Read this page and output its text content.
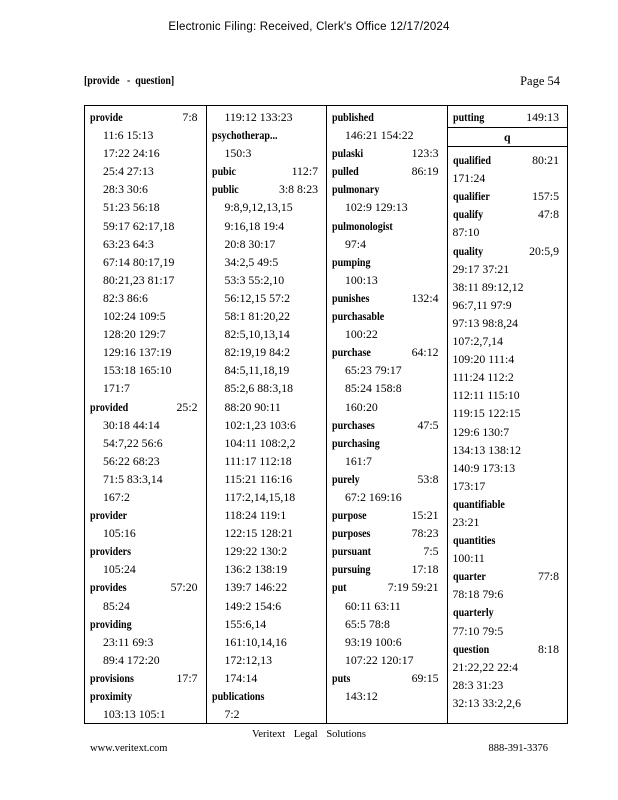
Electronic Filing: Received, Clerk's Office 12/17/2024
[provide   -  question]	Page 54
provide	7:8
11:6 15:13
17:22 24:16
25:4 27:13
28:3 30:6
51:23 56:18
59:17 62:17,18
63:23 64:3
67:14 80:17,19
80:21,23 81:17
82:3 86:6
102:24 109:5
128:20 129:7
129:16 137:19
153:18 165:10
171:7
provided	25:2
30:18 44:14
54:7,22 56:6
56:22 68:23
71:5 83:3,14
167:2
provider
105:16
providers
105:24
provides	57:20
85:24
providing
23:11 69:3
89:4 172:20
provisions	17:7
proximity
103:13 105:1
119:12 133:23
psychotherap...
150:3
pubic	112:7
public	3:8 8:23
9:8,9,12,13,15
9:16,18 19:4
20:8 30:17
34:2,5 49:5
53:3 55:2,10
56:12,15 57:2
58:1 81:20,22
82:5,10,13,14
82:19,19 84:2
84:5,11,18,19
85:2,6 88:3,18
88:20 90:11
102:1,23 103:6
104:11 108:2,2
111:17 112:18
115:21 116:16
117:2,14,15,18
118:24 119:1
122:15 128:21
129:22 130:2
136:2 138:19
139:7 146:22
149:2 154:6
155:6,14
161:10,14,16
172:12,13
174:14
publications
7:2
published
146:21 154:22
pulaski	123:3
pulled	86:19
pulmonary
102:9 129:13
pulmonologist
97:4
pumping
100:13
punishes	132:4
purchasable
100:22
purchase	64:12
65:23 79:17
85:24 158:8
160:20
purchases	47:5
purchasing
161:7
purely	53:8
67:2 169:16
purpose	15:21
purposes	78:23
pursuant	7:5
pursuing	17:18
put	7:19 59:21
60:11 63:11
65:5 78:8
93:19 100:6
107:22 120:17
puts	69:15
143:12
putting	149:13
q
qualified	80:21
171:24
qualifier	157:5
qualify	47:8
87:10
quality	20:5,9
29:17 37:21
38:11 89:12,12
96:7,11 97:9
97:13 98:8,24
107:2,7,14
109:20 111:4
111:24 112:2
112:11 115:10
119:15 122:15
129:6 130:7
134:13 138:12
140:9 173:13
173:17
quantifiable
23:21
quantities
100:11
quarter	77:8
78:18 79:6
quarterly
77:10 79:5
question	8:18
21:22,22 22:4
28:3 31:23
32:13 33:2,2,6
Veritext Legal Solutions
www.veritext.com	888-391-3376
